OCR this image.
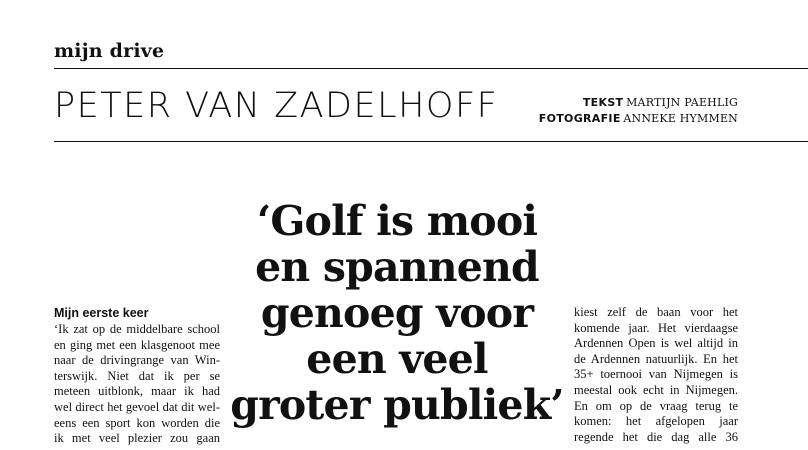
mijn drive
PETER VAN ZADELHOFF	TEKST MARTIJN PAEHLIG
FOTOGRAFIE ANNEKE HYMMEN
‘Golf is mooi
en spannend
genoeg voor
een veel
groter publiek’
Mijn eerste keer

‘Ik zat op de middelbare school
en ging met een klasgenoot mee
naar de drivingrange van Win-
terswijk. Niet dat ik per se
meteen uitblonk, maar ik had
wel direct het gevoel dat dit wel-
eens een sport kon worden die
ik met veel plezier zou gaan

kiest zelf de baan voor het
komende jaar. Het vierdaagse
Ardennen Open is wel altijd in
de Ardennen natuurlijk. En het
35+ toernooi van Nijmegen is
meestal ook echt in Nijmegen.
En om op de vraag terug te
komen: het afgelopen jaar
regende het die dag alle 36
